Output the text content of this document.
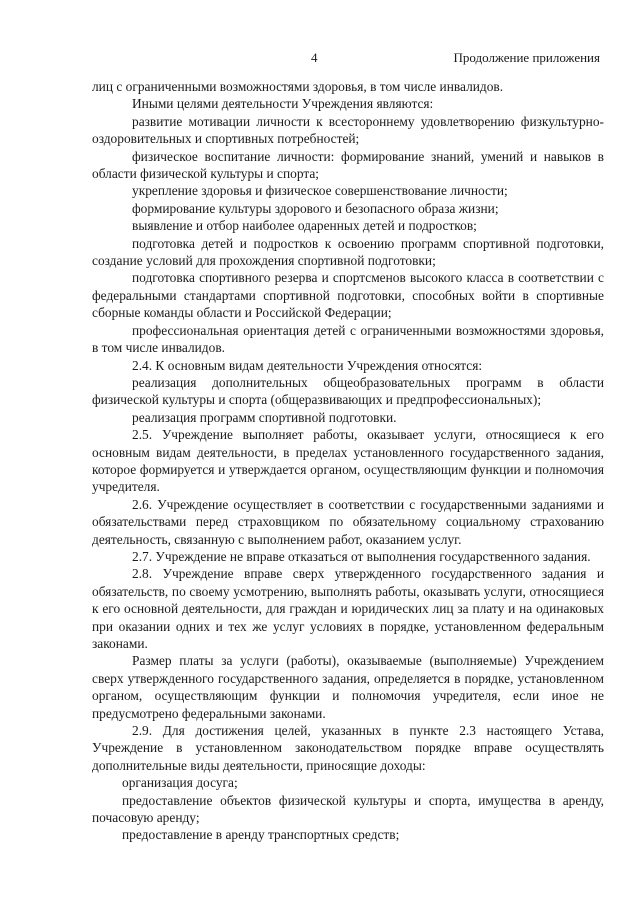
4	Продолжение приложения

лиц с ограниченными возможностями здоровья, в том числе инвалидов.

Иными целями деятельности Учреждения являются:

развитие мотивации личности к всестороннему удовлетворению физкультурно-оздоровительных и спортивных потребностей;

физическое воспитание личности: формирование знаний, умений и навыков в области физической культуры и спорта;

укрепление здоровья и физическое совершенствование личности;

формирование культуры здорового и безопасного образа жизни;

выявление и отбор наиболее одаренных детей и подростков;

подготовка детей и подростков к освоению программ спортивной подготовки, создание условий для прохождения спортивной подготовки;

подготовка спортивного резерва и спортсменов высокого класса в соответствии с федеральными стандартами спортивной подготовки, способных войти в спортивные сборные команды области и Российской Федерации;

профессиональная ориентация детей с ограниченными возможностями здоровья, в том числе инвалидов.

2.4. К основным видам деятельности Учреждения относятся:

реализация дополнительных общеобразовательных программ в области физической культуры и спорта (общеразвивающих и предпрофессиональных);

реализация программ спортивной подготовки.

2.5. Учреждение выполняет работы, оказывает услуги, относящиеся к его основным видам деятельности, в пределах установленного государственного задания, которое формируется и утверждается органом, осуществляющим функции и полномочия учредителя.

2.6. Учреждение осуществляет в соответствии с государственными заданиями и обязательствами перед страховщиком по обязательному социальному страхованию деятельность, связанную с выполнением работ, оказанием услуг.

2.7. Учреждение не вправе отказаться от выполнения государственного задания.

2.8. Учреждение вправе сверх утвержденного государственного задания и обязательств, по своему усмотрению, выполнять работы, оказывать услуги, относящиеся к его основной деятельности, для граждан и юридических лиц за плату и на одинаковых при оказании одних и тех же услуг условиях в порядке, установленном федеральным законами.

Размер платы за услуги (работы), оказываемые (выполняемые) Учреждением сверх утвержденного государственного задания, определяется в порядке, установленном органом, осуществляющим функции и полномочия учредителя, если иное не предусмотрено федеральными законами.

2.9. Для достижения целей, указанных в пункте 2.3 настоящего Устава, Учреждение в установленном законодательством порядке вправе осуществлять дополнительные виды деятельности, приносящие доходы:

организация досуга;

предоставление объектов физической культуры и спорта, имущества в аренду, почасовую аренду;

предоставление в аренду транспортных средств;
